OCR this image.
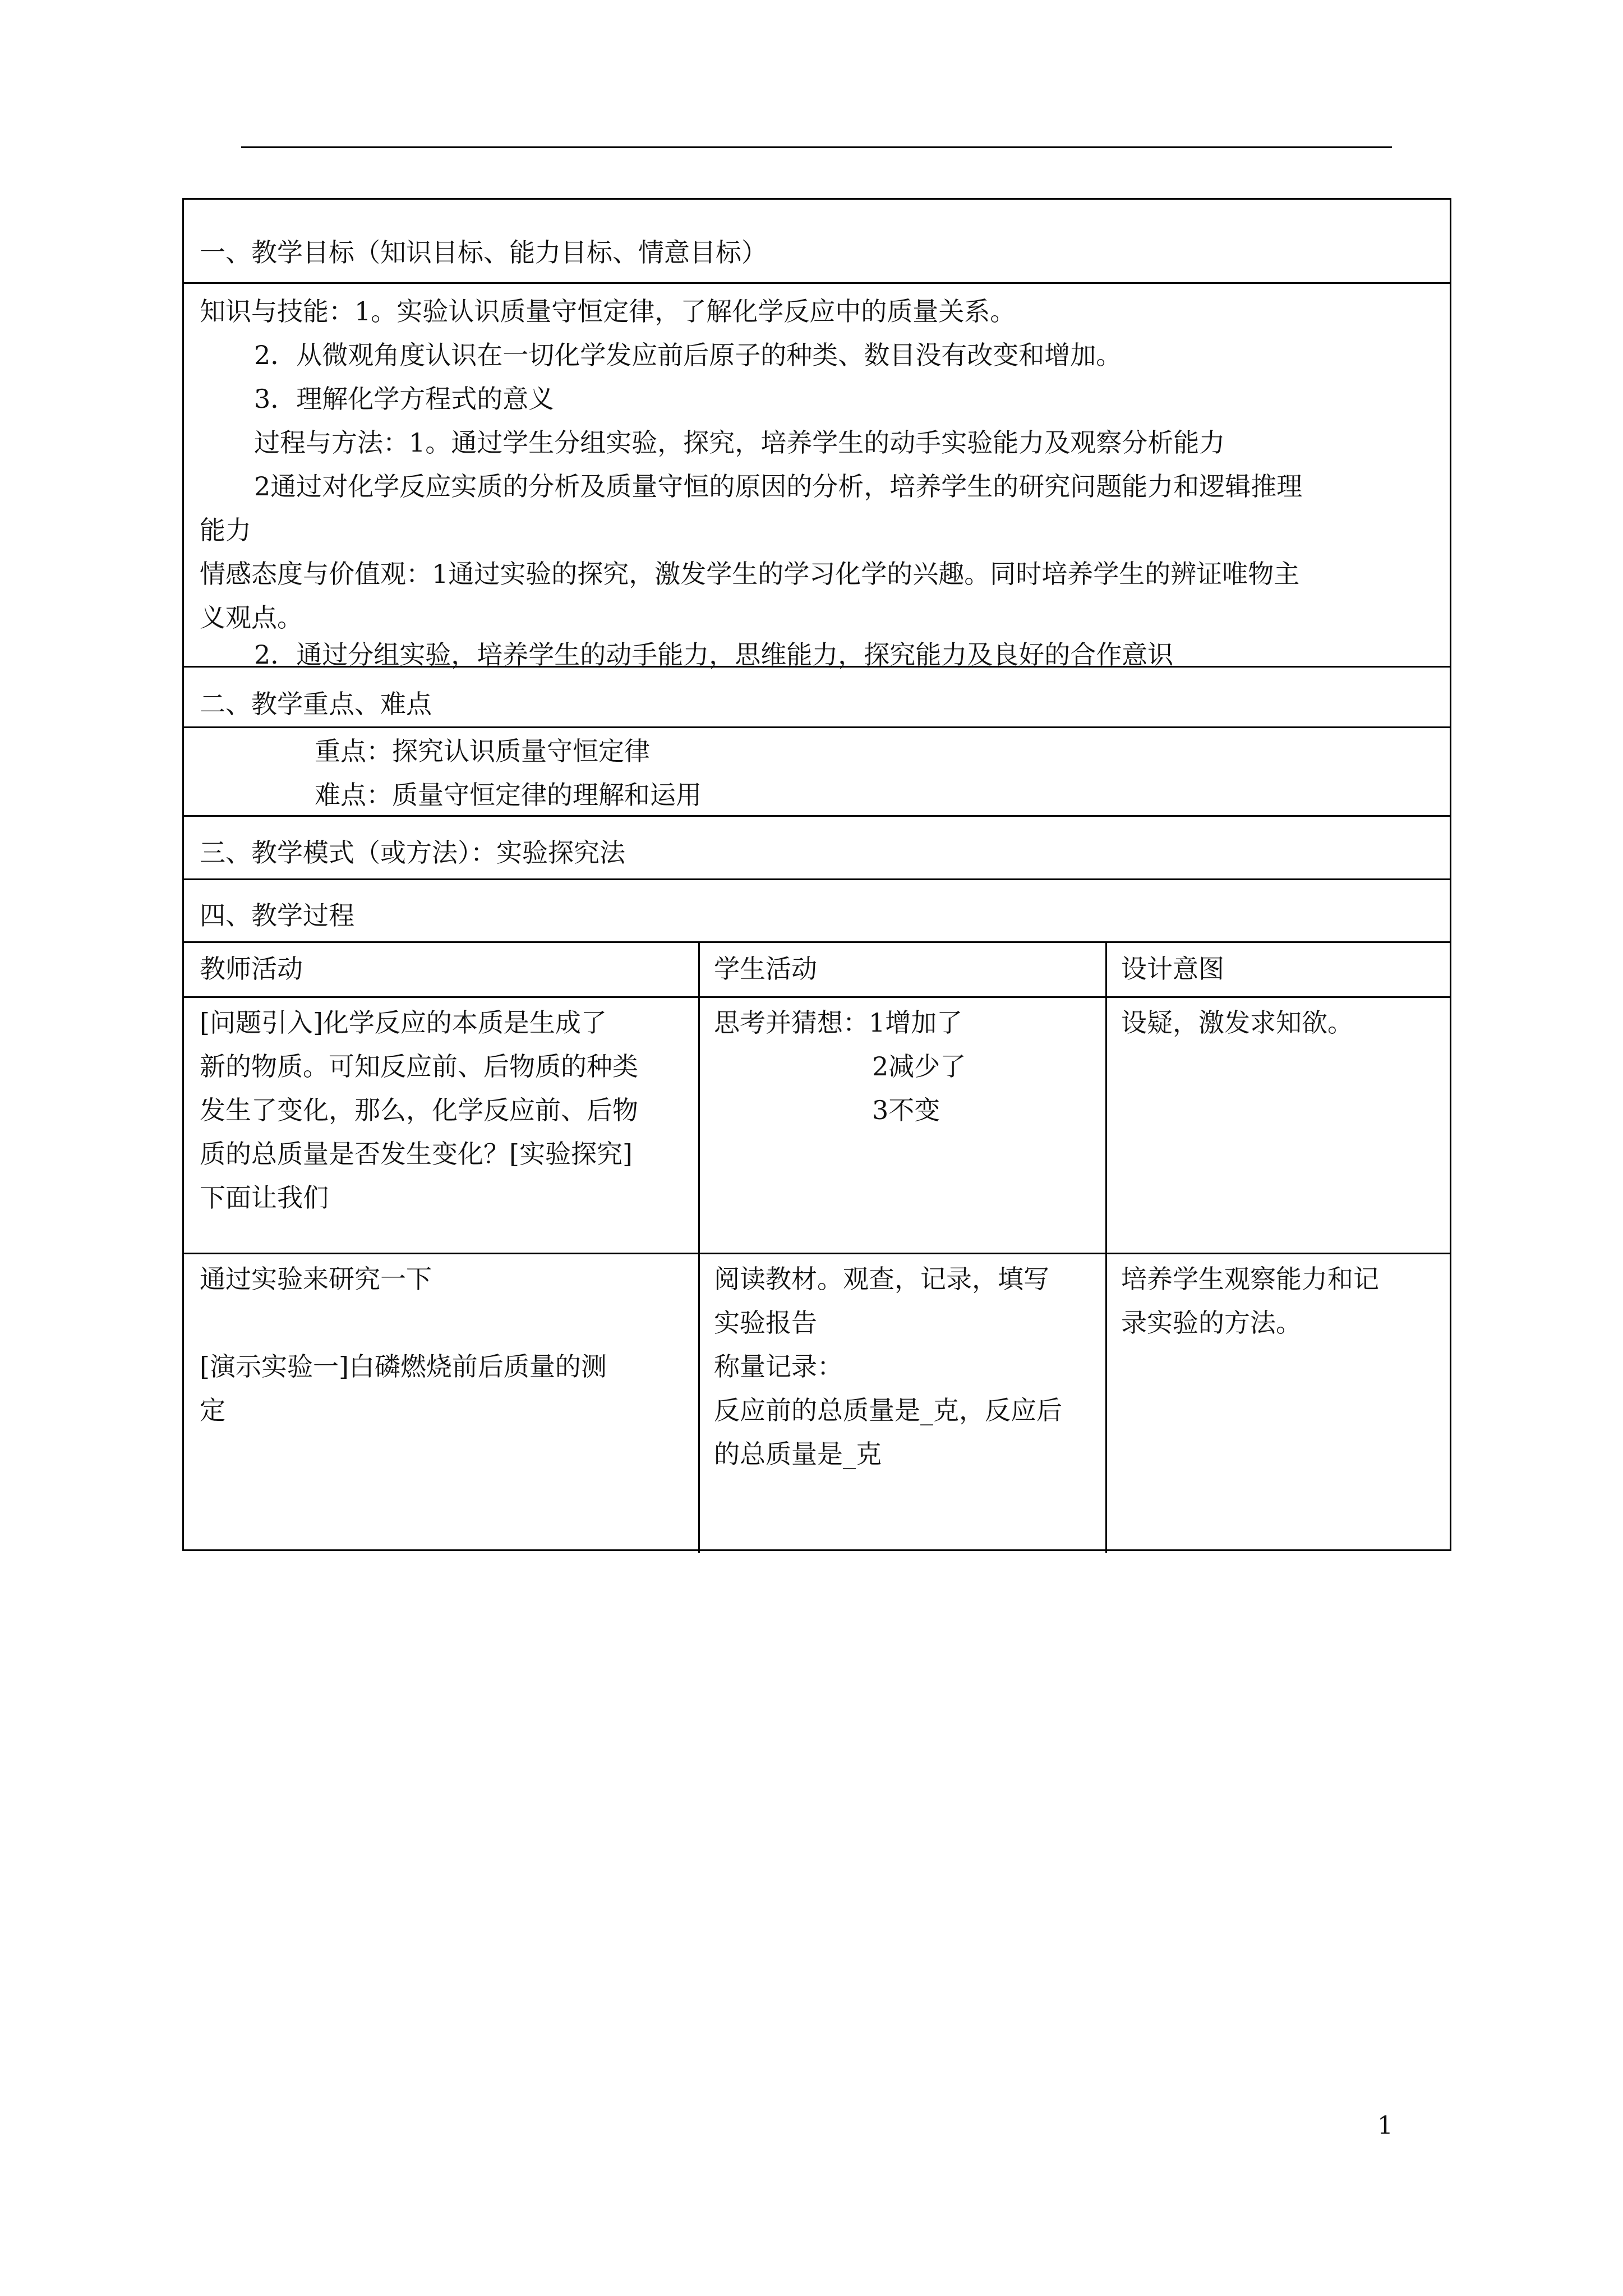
一、教学目标（知识目标、能力目标、情意目标）
知识与技能：1。实验认识质量守恒定律，了解化学反应中的质量关系。
2．从微观角度认识在一切化学发应前后原子的种类、数目没有改变和增加。
3．理解化学方程式的意义
过程与方法：1。通过学生分组实验，探究，培养学生的动手实验能力及观察分析能力
2通过对化学反应实质的分析及质量守恒的原因的分析，培养学生的研究问题能力和逻辑推理
能力
情感态度与价值观：1通过实验的探究，激发学生的学习化学的兴趣。同时培养学生的辨证唯物主
义观点。
2．通过分组实验，培养学生的动手能力，思维能力，探究能力及良好的合作意识
二、教学重点、难点
重点：探究认识质量守恒定律
难点：质量守恒定律的理解和运用
三、教学模式（或方法）：实验探究法
四、教学过程
教师活动	学生活动	设计意图
[问题引入]化学反应的本质是生成了
新的物质。可知反应前、后物质的种类
发生了变化，那么，化学反应前、后物
质的总质量是否发生变化？[实验探究]
下面让我们
思考并猜想：1增加了
2减少了
3不变
设疑，激发求知欲。
通过实验来研究一下

[演示实验一]白磷燃烧前后质量的测
定
阅读教材。观查，记录，填写
实验报告
称量记录：
反应前的总质量是_克，反应后
的总质量是_克
培养学生观察能力和记
录实验的方法。
1
